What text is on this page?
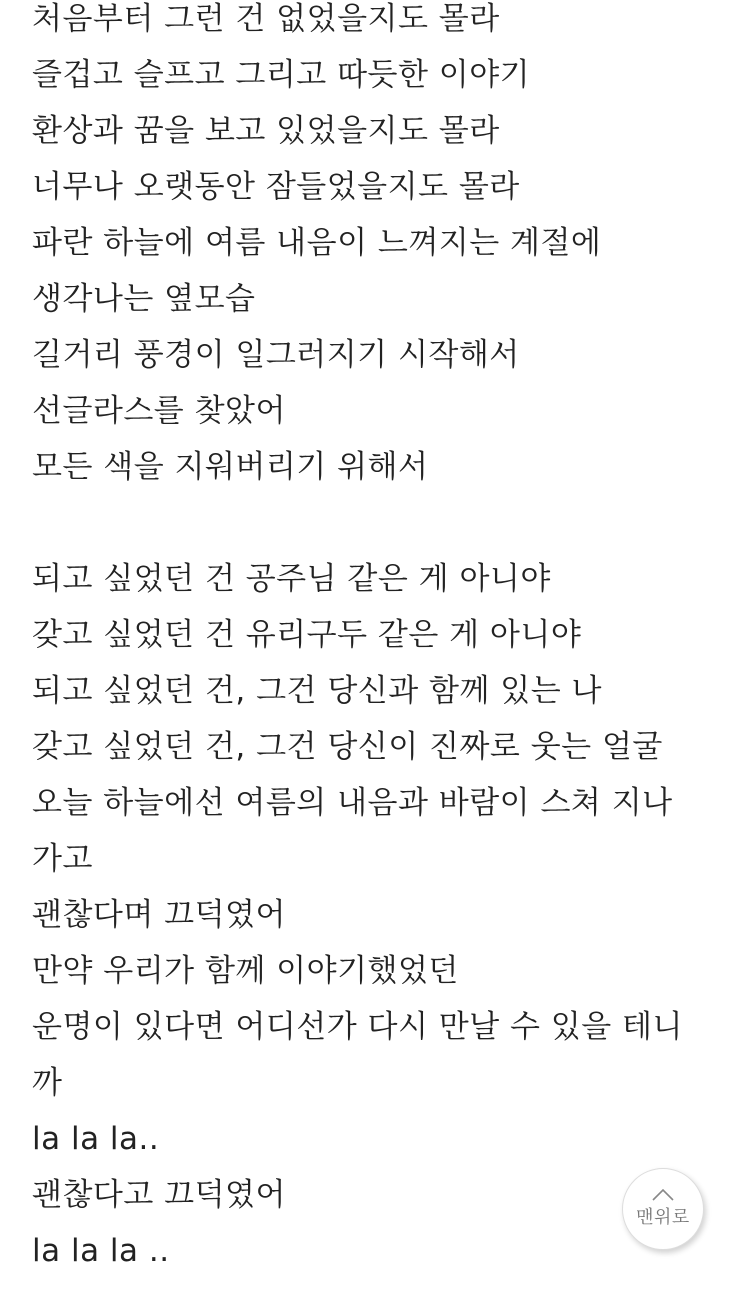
처음부터 그런 건 없었을지도 몰라
즐겁고 슬프고 그리고 따듯한 이야기
환상과 꿈을 보고 있었을지도 몰라
너무나 오랫동안 잠들었을지도 몰라
파란 하늘에 여름 내음이 느껴지는 계절에
생각나는 옆모습
길거리 풍경이 일그러지기 시작해서
선글라스를 찾았어
모든 색을 지워버리기 위해서
되고 싶었던 건 공주님 같은 게 아니야
갖고 싶었던 건 유리구두 같은 게 아니야
되고 싶었던 건, 그건 당신과 함께 있는 나
갖고 싶었던 건, 그건 당신이 진짜로 웃는 얼굴
오늘 하늘에선 여름의 내음과 바람이 스쳐 지나
가고
괜찮다며 끄덕였어
만약 우리가 함께 이야기했었던
운명이 있다면 어디선가 다시 만날 수 있을 테니
까
la la la..
괜찮다고 끄덕였어
la la la ..
맨위로
